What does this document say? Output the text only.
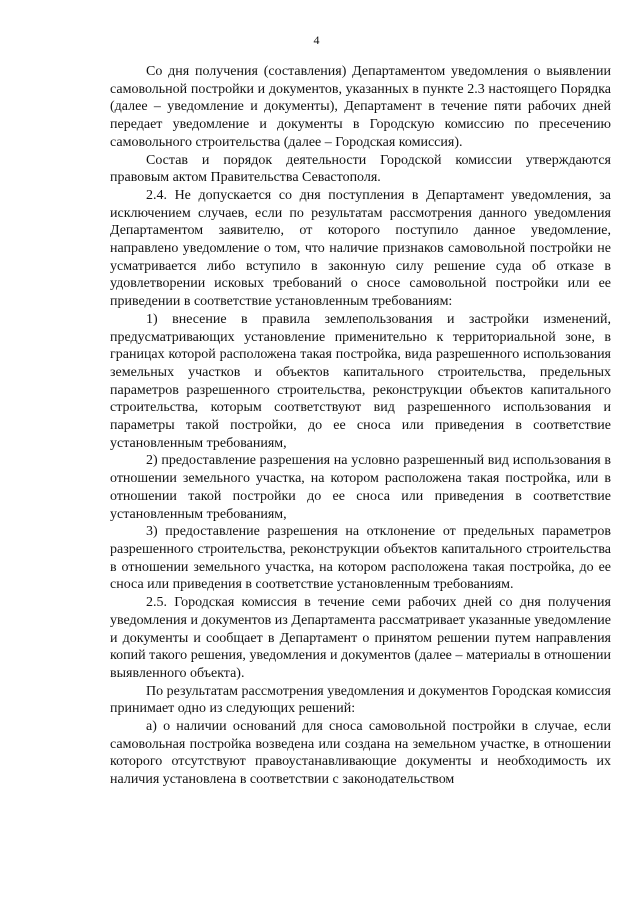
4

Со дня получения (составления) Департаментом уведомления о выявлении самовольной постройки и документов, указанных в пункте 2.3 настоящего Порядка (далее – уведомление и документы), Департамент в течение пяти рабочих дней передает уведомление и документы в Городскую комиссию по пресечению самовольного строительства (далее – Городская комиссия).

Состав и порядок деятельности Городской комиссии утверждаются правовым актом Правительства Севастополя.

2.4. Не допускается со дня поступления в Департамент уведомления, за исключением случаев, если по результатам рассмотрения данного уведомления Департаментом заявителю, от которого поступило данное уведомление, направлено уведомление о том, что наличие признаков самовольной постройки не усматривается либо вступило в законную силу решение суда об отказе в удовлетворении исковых требований о сносе самовольной постройки или ее приведении в соответствие установленным требованиям:

1) внесение в правила землепользования и застройки изменений, предусматривающих установление применительно к территориальной зоне, в границах которой расположена такая постройка, вида разрешенного использования земельных участков и объектов капитального строительства, предельных параметров разрешенного строительства, реконструкции объектов капитального строительства, которым соответствуют вид разрешенного использования и параметры такой постройки, до ее сноса или приведения в соответствие установленным требованиям,

2) предоставление разрешения на условно разрешенный вид использования в отношении земельного участка, на котором расположена такая постройка, или в отношении такой постройки до ее сноса или приведения в соответствие установленным требованиям,

3) предоставление разрешения на отклонение от предельных параметров разрешенного строительства, реконструкции объектов капитального строительства в отношении земельного участка, на котором расположена такая постройка, до ее сноса или приведения в соответствие установленным требованиям.

2.5. Городская комиссия в течение семи рабочих дней со дня получения уведомления и документов из Департамента рассматривает указанные уведомление и документы и сообщает в Департамент о принятом решении путем направления копий такого решения, уведомления и документов (далее – материалы в отношении выявленного объекта).

По результатам рассмотрения уведомления и документов Городская комиссия принимает одно из следующих решений:

а) о наличии оснований для сноса самовольной постройки в случае, если самовольная постройка возведена или создана на земельном участке, в отношении которого отсутствуют правоустанавливающие документы и необходимость их наличия установлена в соответствии с законодательством
